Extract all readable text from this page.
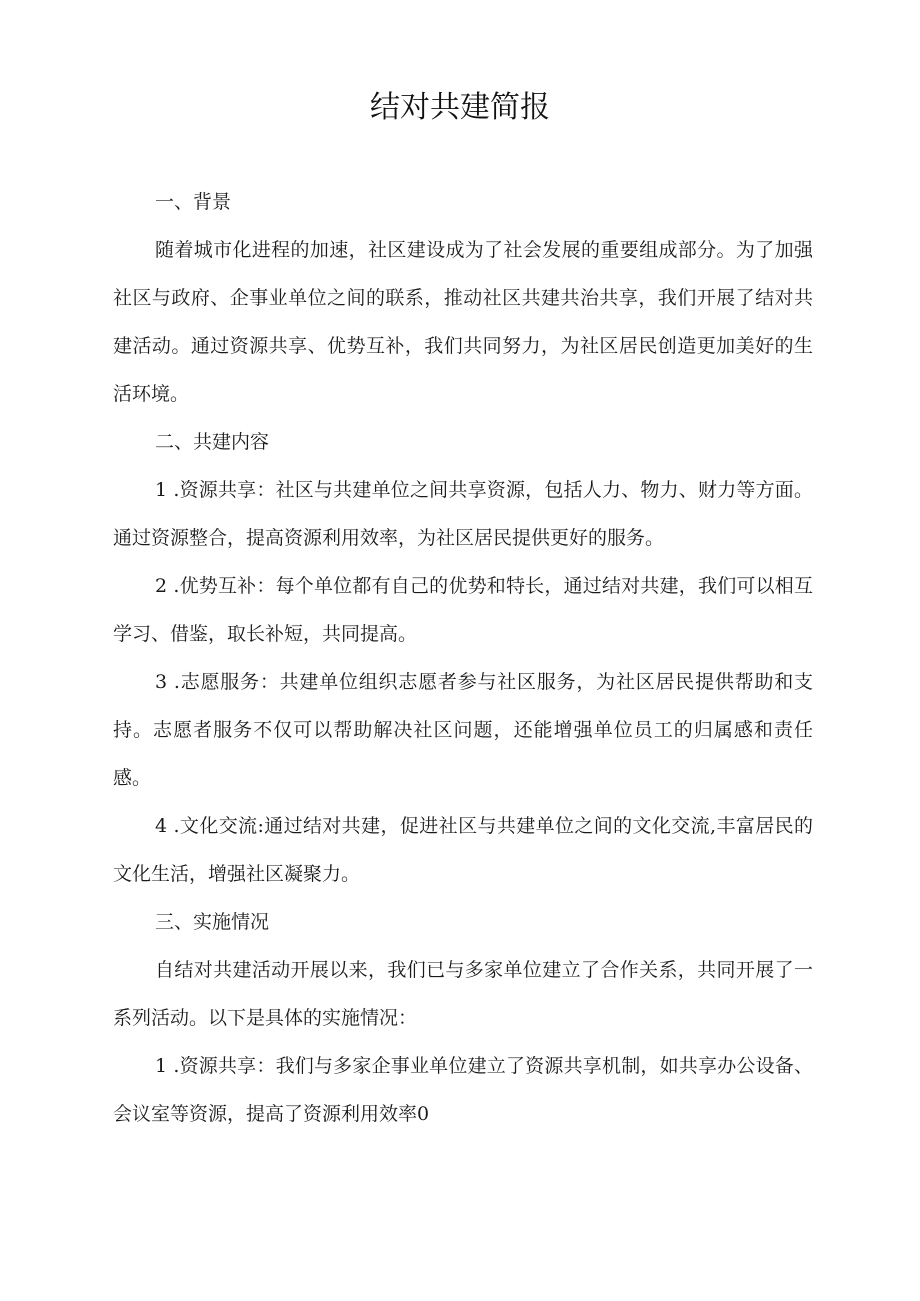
结对共建简报

一、背景

随着城市化进程的加速，社区建设成为了社会发展的重要组成部分。为了加强社区与政府、企事业单位之间的联系，推动社区共建共治共享，我们开展了结对共建活动。通过资源共享、优势互补，我们共同努力，为社区居民创造更加美好的生活环境。

二、共建内容

1 .资源共享：社区与共建单位之间共享资源，包括人力、物力、财力等方面。通过资源整合，提高资源利用效率，为社区居民提供更好的服务。

2 .优势互补：每个单位都有自己的优势和特长，通过结对共建，我们可以相互学习、借鉴，取长补短，共同提高。

3 .志愿服务：共建单位组织志愿者参与社区服务，为社区居民提供帮助和支持。志愿者服务不仅可以帮助解决社区问题，还能增强单位员工的归属感和责任感。

4 .文化交流:通过结对共建，促进社区与共建单位之间的文化交流,丰富居民的文化生活，增强社区凝聚力。

三、实施情况

自结对共建活动开展以来，我们已与多家单位建立了合作关系，共同开展了一系列活动。以下是具体的实施情况：

1 .资源共享：我们与多家企事业单位建立了资源共享机制，如共享办公设备、会议室等资源，提高了资源利用效率0
